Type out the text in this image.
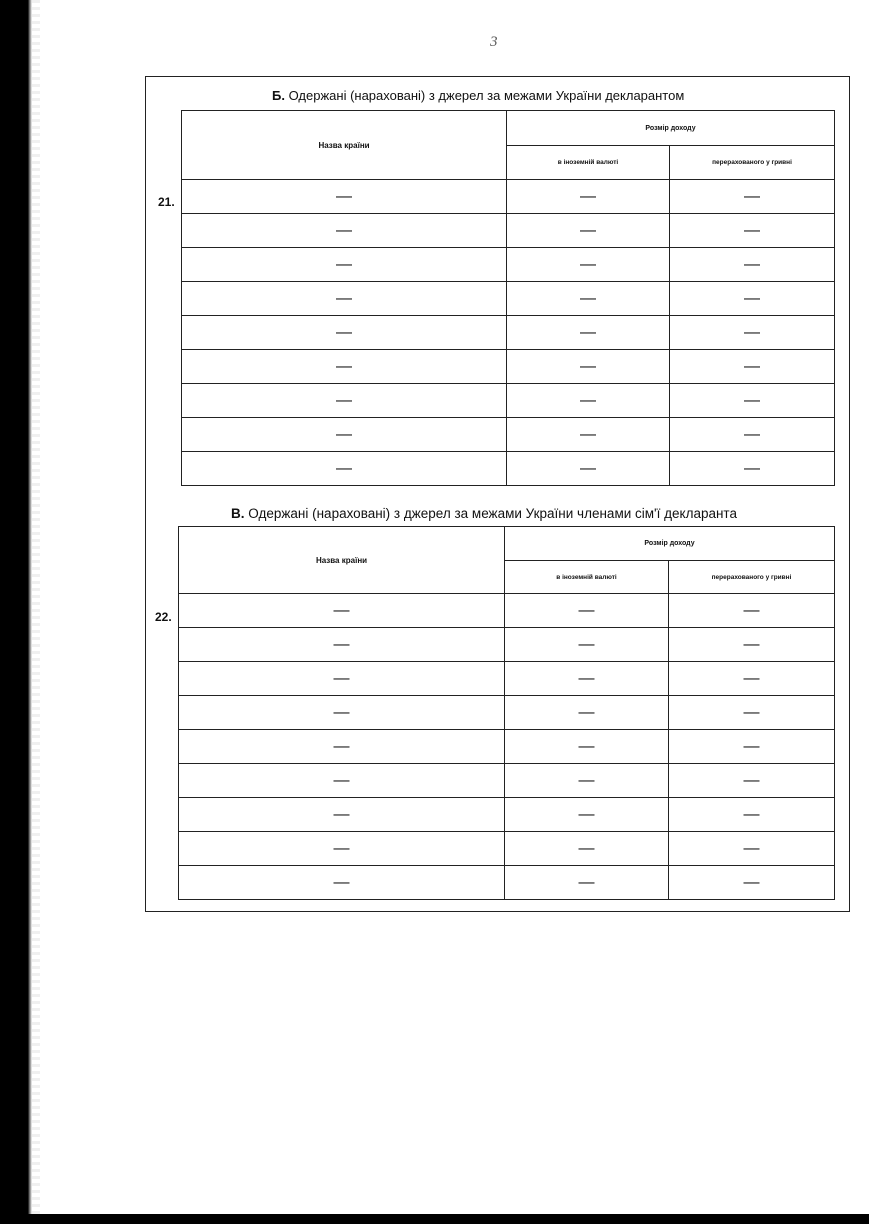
3
Б. Одержані (нараховані) з джерел за межами України декларантом
21.
Назва країни	Розмір доходу	
	в іноземній валюті	перерахованого у гривні
—	—	—
—	—	—
—	—	—
—	—	—
—	—	—
—	—	—
—	—	—
—	—	—
—	—	—
В. Одержані (нараховані) з джерел за межами України членами сім'ї декларанта
22.
Назва країни	Розмір доходу	
	в іноземній валюті	перерахованого у гривні
—	—	—
—	—	—
—	—	—
—	—	—
—	—	—
—	—	—
—	—	—
—	—	—
—	—	—
